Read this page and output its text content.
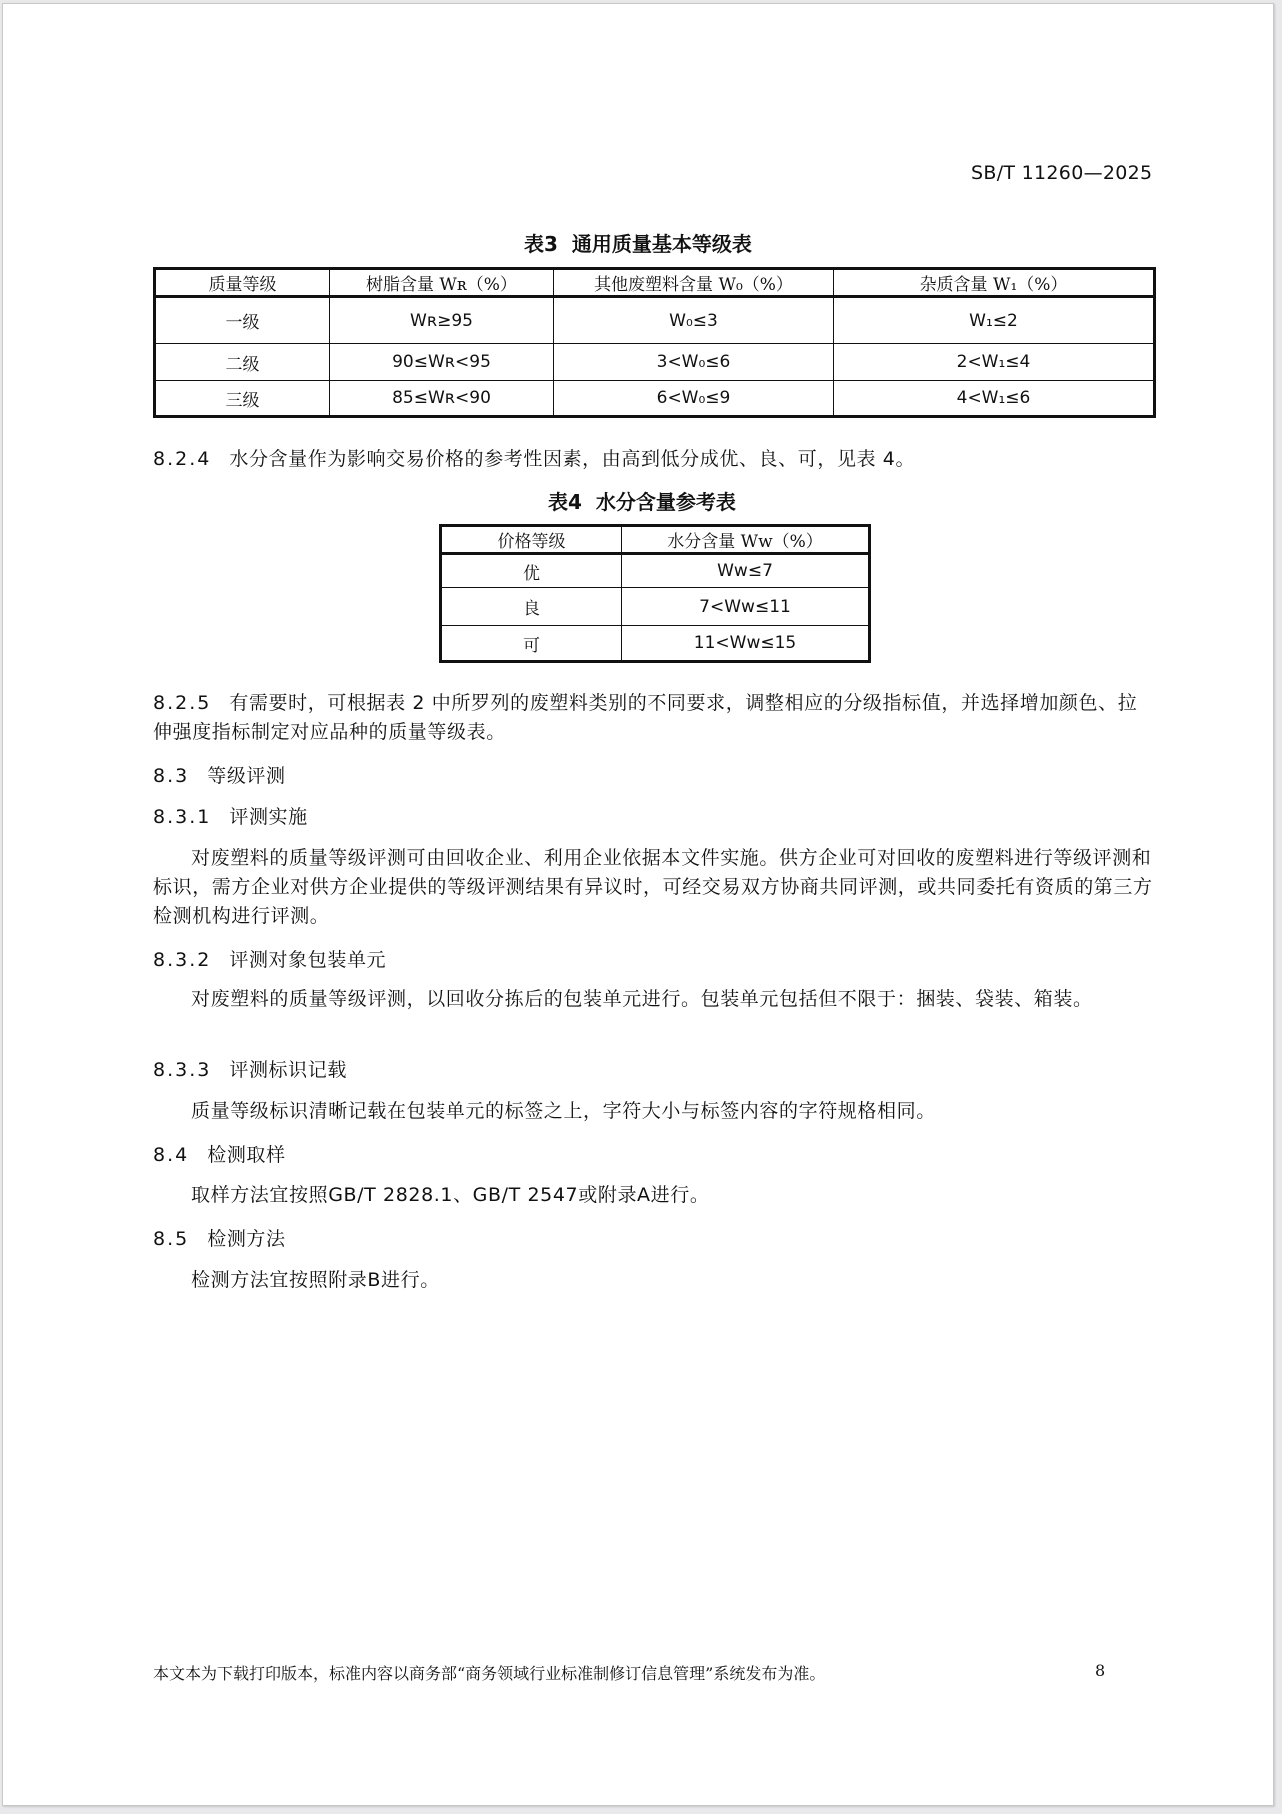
SB/T 11260—2025
表3 通用质量基本等级表
质量等级	树脂含量 Wʀ（%）	其他废塑料含量 W₀（%）	杂质含量 W₁（%）
一级	Wʀ≥95	W₀≤3	W₁≤2
二级	90≤Wʀ<95	3<W₀≤6	2<W₁≤4
三级	85≤Wʀ<90	6<W₀≤9	4<W₁≤6
8.2.4 水分含量作为影响交易价格的参考性因素，由高到低分成优、良、可，见表 4。
表4 水分含量参考表
价格等级	水分含量 Wᴡ（%）
优	Wᴡ≤7
良	7<Wᴡ≤11
可	11<Wᴡ≤15
8.2.5 有需要时，可根据表 2 中所罗列的废塑料类别的不同要求，调整相应的分级指标值，并选择增加颜色、拉伸强度指标制定对应品种的质量等级表。
8.3 等级评测
8.3.1 评测实施
对废塑料的质量等级评测可由回收企业、利用企业依据本文件实施。供方企业可对回收的废塑料进行等级评测和标识，需方企业对供方企业提供的等级评测结果有异议时，可经交易双方协商共同评测，或共同委托有资质的第三方检测机构进行评测。
8.3.2 评测对象包装单元
对废塑料的质量等级评测，以回收分拣后的包装单元进行。包装单元包括但不限于：捆装、袋装、箱装。
8.3.3 评测标识记载
质量等级标识清晰记载在包装单元的标签之上，字符大小与标签内容的字符规格相同。
8.4 检测取样
取样方法宜按照GB/T 2828.1、GB/T 2547或附录A进行。
8.5 检测方法
检测方法宜按照附录B进行。
本文本为下载打印版本，标准内容以商务部“商务领域行业标准制修订信息管理”系统发布为准。	8
